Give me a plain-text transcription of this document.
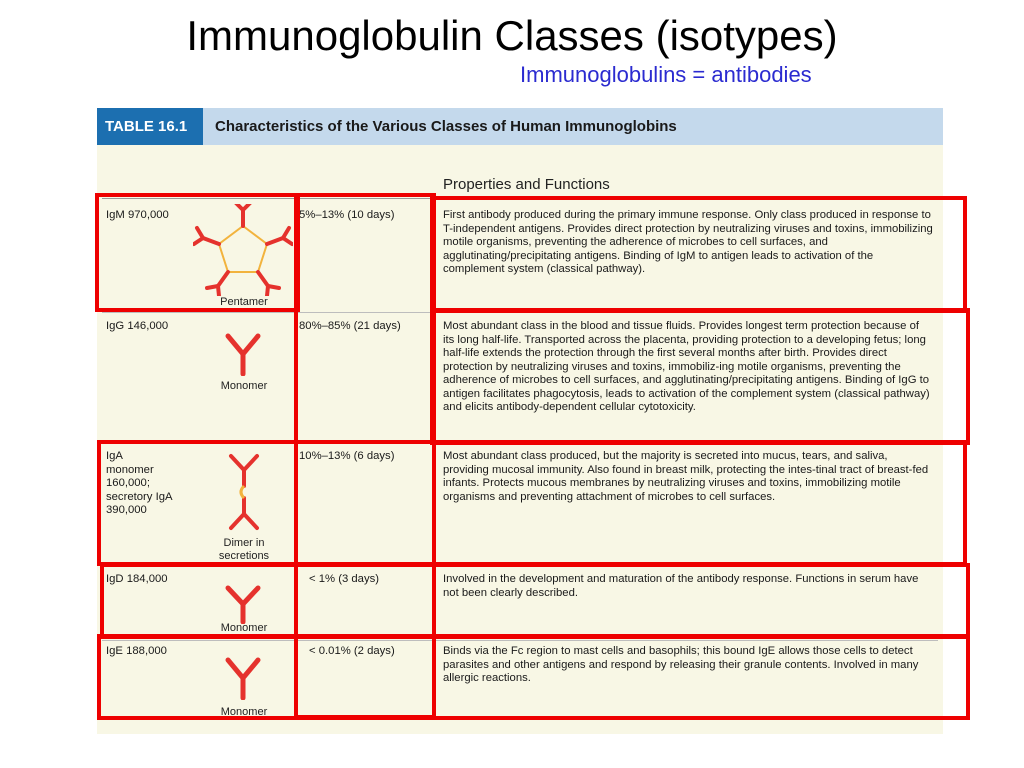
Immunoglobulin Classes (isotypes)
Immunoglobulins = antibodies
TABLE 16.1	Characteristics of the Various Classes of Human Immunoglobins
Properties and Functions
IgM 970,000	5%–13% (10 days)	First antibody produced during the primary immune response. Only class produced in response to T-independent antigens. Provides direct protection by neutralizing viruses and toxins, immobilizing motile organisms, preventing the adherence of microbes to cell surfaces, and agglutinating/precipitating antigens. Binding of IgM to antigen leads to activation of the complement system (classical pathway).
Pentamer
IgG 146,000	80%–85% (21 days)	Most abundant class in the blood and tissue fluids. Provides longest term protection because of its long half-life. Transported across the placenta, providing protection to a developing fetus; long half-life extends the protection through the first several months after birth. Provides direct protection by neutralizing viruses and toxins, immobiliz-ing motile organisms, preventing the adherence of microbes to cell surfaces, and agglutinating/precipitating antigens. Binding of IgG to antigen facilitates phagocytosis, leads to activation of the complement system (classical pathway) and elicits antibody-dependent cellular cytotoxicity.
Monomer
IgA
monomer
160,000;
secretory IgA
390,000
10%–13% (6 days)	Most abundant class produced, but the majority is secreted into mucus, tears, and saliva, providing mucosal immunity. Also found in breast milk, protecting the intes-tinal tract of breast-fed infants. Protects mucous membranes by neutralizing viruses and toxins, immobilizing motile organisms and preventing attachment of microbes to cell surfaces.
Dimer in secretions
IgD 184,000	< 1% (3 days)	Involved in the development and maturation of the antibody response. Functions in serum have not been clearly described.
Monomer
IgE 188,000	< 0.01% (2 days)	Binds via the Fc region to mast cells and basophils; this bound IgE allows those cells to detect parasites and other antigens and respond by releasing their granule contents. Involved in many allergic reactions.
Monomer
